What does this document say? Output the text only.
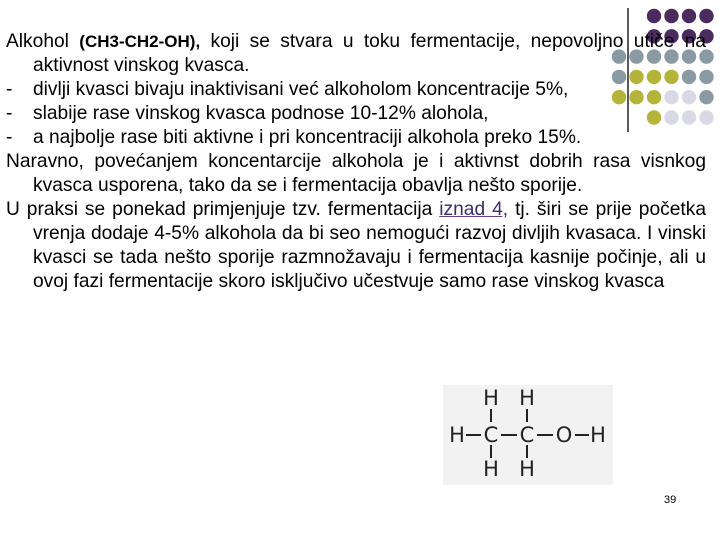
Alkohol (CH3-CH2-OH), koji se stvara u toku fermentacije, nepovoljno utiče na aktivnost vinskog kvasca.
- divlji kvasci bivaju inaktivisani već alkoholom koncentracije 5%,
- slabije rase vinskog kvasca podnose 10-12% alohola,
- a najbolje rase biti aktivne i pri koncentraciji alkohola preko 15%.
Naravno, povećanjem koncentarcije alkohola je i aktivnst dobrih rasa visnkog kvasca usporena, tako da se i fermentacija obavlja nešto sporije.
U praksi se ponekad primjenjuje tzv. fermentacija iznad 4, tj. širi se prije početka vrenja dodaje 4-5% alkohola da bi seo nemogući razvoj divljih kvasaca. I vinski kvasci se tada nešto sporije razmnožavaju i fermentacija kasnije počinje, ali u ovoj fazi fermentacije skoro isključivo učestvuje samo rase vinskog kvasca
H H
H C C O H
H H
39
